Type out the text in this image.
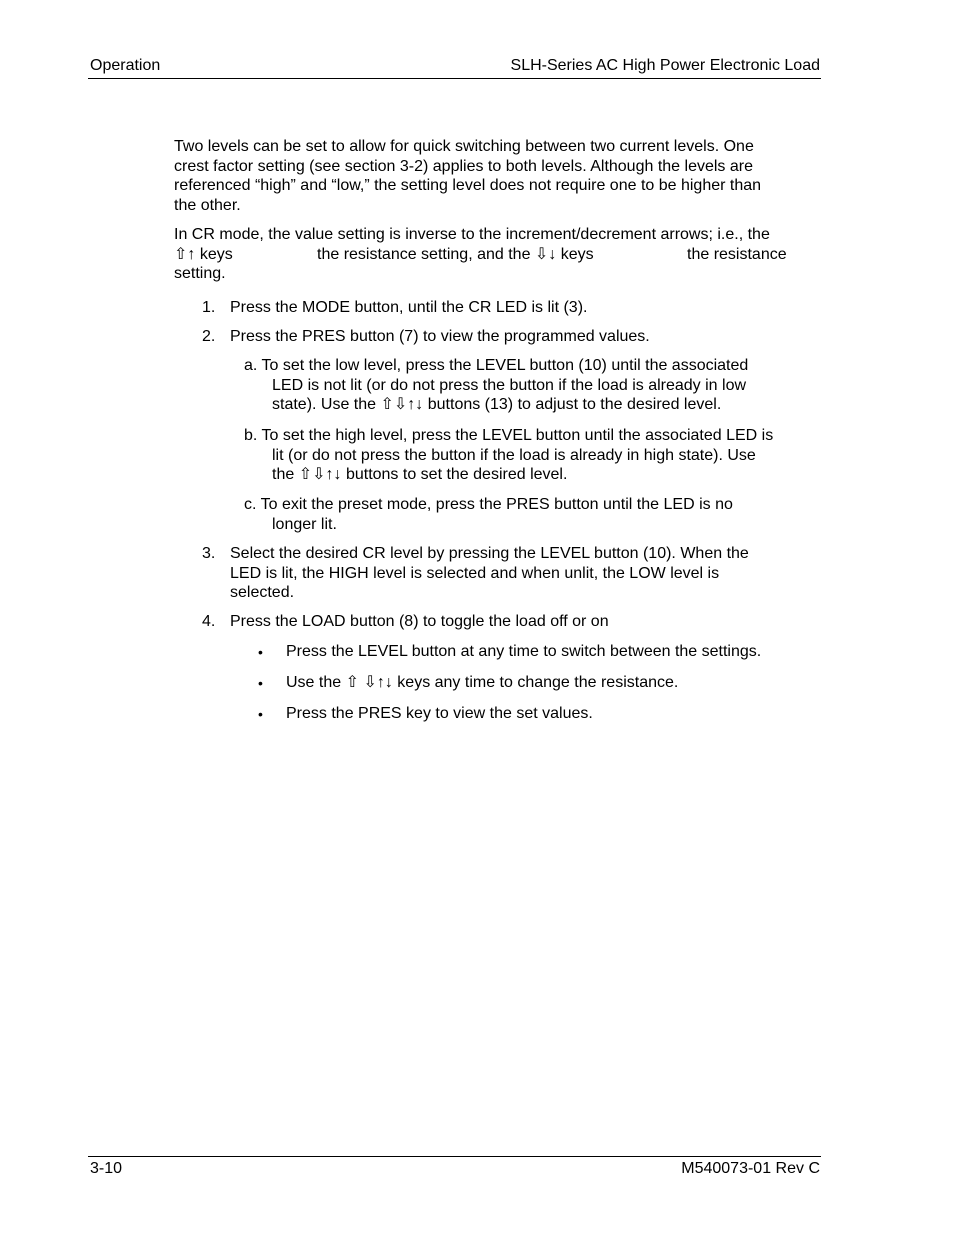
Operation	SLH-Series AC High Power Electronic Load
Two levels can be set to allow for quick switching between two current levels. One
crest factor setting (see section 3-2) applies to both levels. Although the levels are
referenced “high” and “low,” the setting level does not require one to be higher than
the other.
In CR mode, the value setting is inverse to the increment/decrement arrows; i.e., the
⇧↑ keys	the resistance setting, and the ⇩↓ keys	the resistance
setting.
1. Press the MODE button, until the CR LED is lit (3).
2. Press the PRES button (7) to view the programmed values.
a. To set the low level, press the LEVEL button (10) until the associated
LED is not lit (or do not press the button if the load is already in low
state). Use the ⇧⇩↑↓ buttons (13) to adjust to the desired level.
b. To set the high level, press the LEVEL button until the associated LED is
lit (or do not press the button if the load is already in high state). Use
the ⇧⇩↑↓ buttons to set the desired level.
c. To exit the preset mode, press the PRES button until the LED is no
longer lit.
3. Select the desired CR level by pressing the LEVEL button (10). When the
LED is lit, the HIGH level is selected and when unlit, the LOW level is
selected.
4. Press the LOAD button (8) to toggle the load off or on
• Press the LEVEL button at any time to switch between the settings.
• Use the ⇧ ⇩↑↓ keys any time to change the resistance.
• Press the PRES key to view the set values.
3-10	M540073-01 Rev C
